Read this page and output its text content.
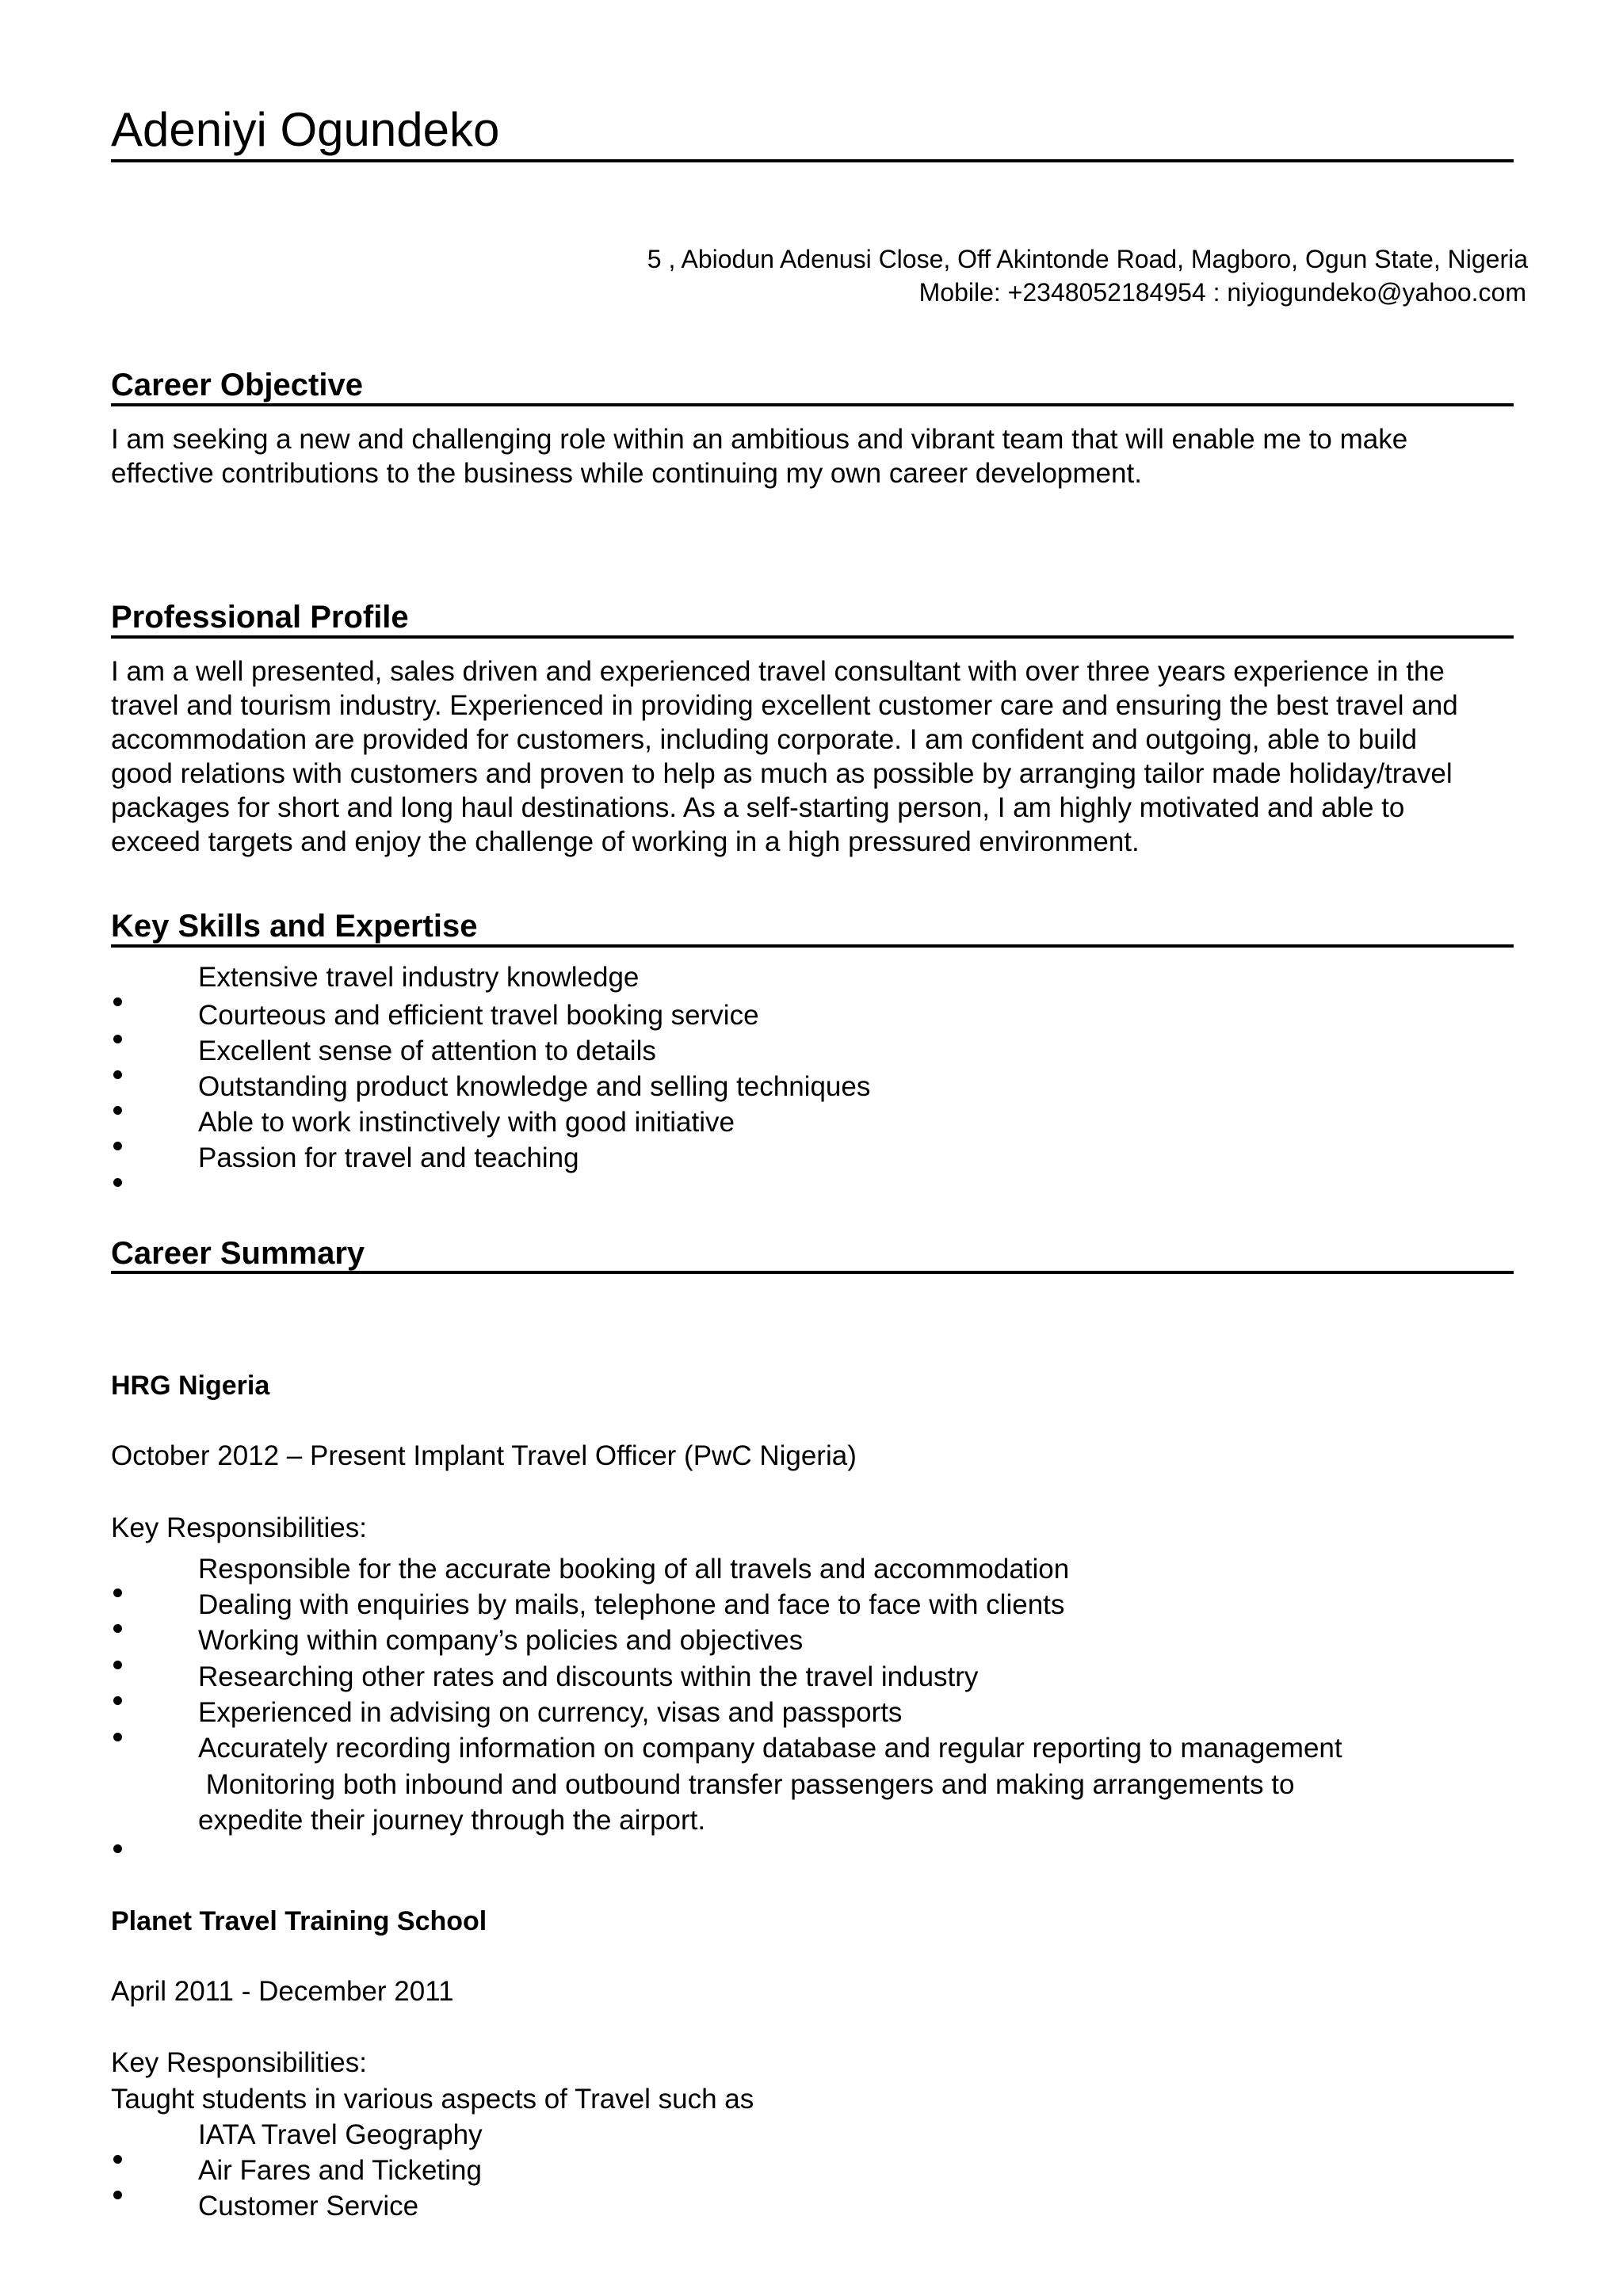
Adeniyi Ogundeko
5 , Abiodun Adenusi Close, Off Akintonde Road, Magboro, Ogun State, Nigeria
Mobile: +2348052184954 : niyiogundeko@yahoo.com
Career Objective
I am seeking a new and challenging role within an ambitious and vibrant team that will enable me to make
effective contributions to the business while continuing my own career development.
Professional Profile
I am a well presented, sales driven and experienced travel consultant with over three years experience in the
travel and tourism industry. Experienced in providing excellent customer care and ensuring the best travel and
accommodation are provided for customers, including corporate. I am confident and outgoing, able to build
good relations with customers and proven to help as much as possible by arranging tailor made holiday/travel
packages for short and long haul destinations. As a self-starting person, I am highly motivated and able to
exceed targets and enjoy the challenge of working in a high pressured environment.
Key Skills and Expertise
Extensive travel industry knowledge
Courteous and efficient travel booking service
Excellent sense of attention to details
Outstanding product knowledge and selling techniques
Able to work instinctively with good initiative
Passion for travel and teaching
Career Summary
HRG Nigeria
October 2012 – Present Implant Travel Officer (PwC Nigeria)
Key Responsibilities:
Responsible for the accurate booking of all travels and accommodation
Dealing with enquiries by mails, telephone and face to face with clients
Working within company’s policies and objectives
Researching other rates and discounts within the travel industry
Experienced in advising on currency, visas and passports
Accurately recording information on company database and regular reporting to management
Monitoring both inbound and outbound transfer passengers and making arrangements to
expedite their journey through the airport.
Planet Travel Training School
April 2011 - December 2011
Key Responsibilities:
Taught students in various aspects of Travel such as
IATA Travel Geography
Air Fares and Ticketing
Customer Service
